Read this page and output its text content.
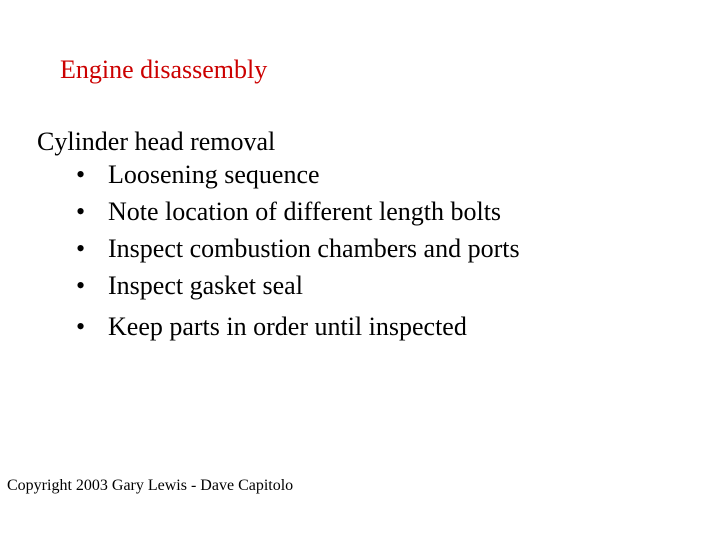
Engine disassembly
Cylinder head removal
• Loosening sequence
• Note location of different length bolts
• Inspect combustion chambers and ports
• Inspect gasket seal
• Keep parts in order until inspected
Copyright 2003 Gary Lewis - Dave Capitolo
